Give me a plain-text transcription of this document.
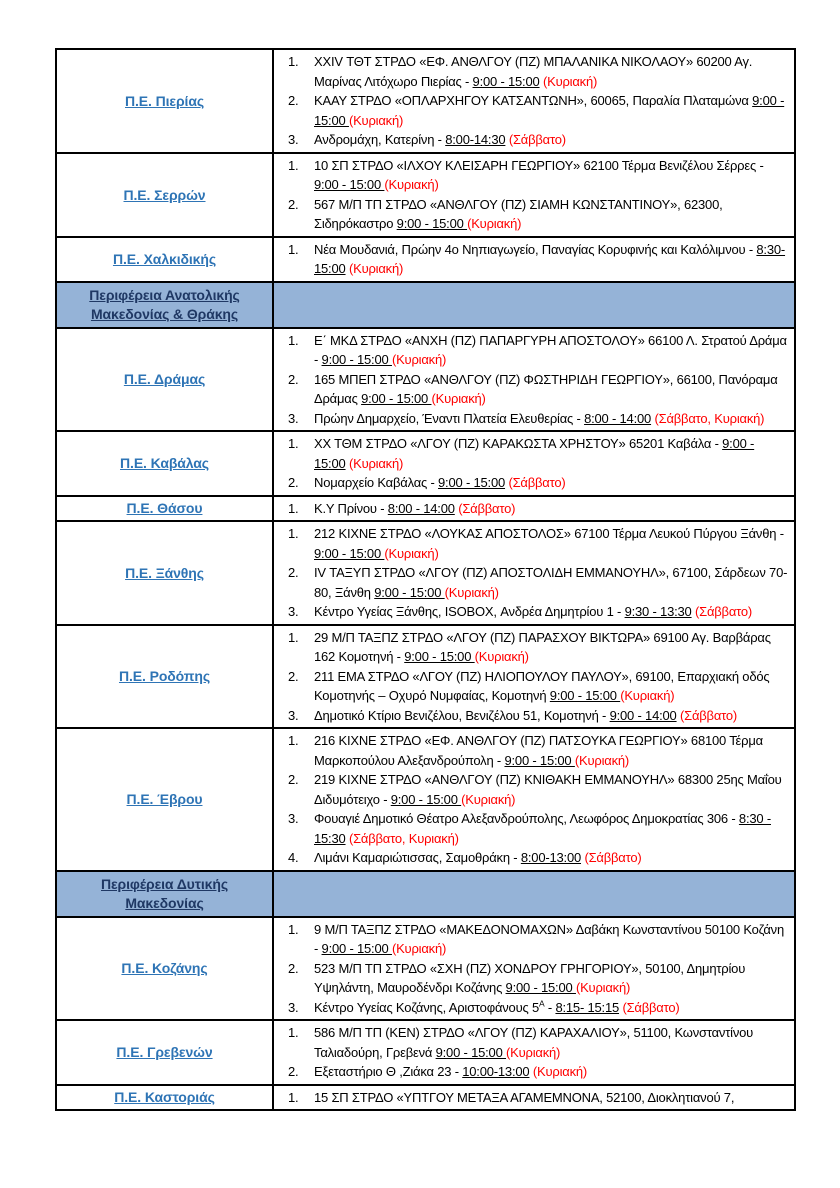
Π.Ε. Πιερίας

1.	XXIV ΤΘΤ ΣΤΡΔΟ «ΕΦ. ΑΝΘΛΓΟΥ (ΠΖ) ΜΠΑΛΑΝΙΚΑ ΝΙΚΟΛΑΟΥ» 60200 Αγ. Μαρίνας Λιτόχωρο Πιερίας - 9:00 - 15:00 (Κυριακή)
2.	ΚΑΑΥ ΣΤΡΔΟ «ΟΠΛΑΡΧΗΓΟΥ ΚΑΤΣΑΝΤΩΝΗ», 60065, Παραλία Πλαταμώνα 9:00 - 15:00 (Κυριακή)
3.	Ανδρομάχη, Κατερίνη - 8:00-14:30 (Σάββατο)

Π.Ε. Σερρών	1. 10 ΣΠ ΣΤΡΔΟ «ΙΛΧΟΥ ΚΛΕΙΣΑΡΗ ΓΕΩΡΓΙΟΥ» 62100 Τέρμα Βενιζέλου Σέρρες - 9:00 - 15:00 (Κυριακή)
2. 567 Μ/Π ΤΠ ΣΤΡΔΟ «ΑΝΘΛΓΟΥ (ΠΖ) ΣΙΑΜΗ ΚΩΝΣΤΑΝΤΙΝΟΥ», 62300, Σιδηρόκαστρο 9:00 - 15:00 (Κυριακή)

Π.Ε. Χαλκιδικής	1. Νέα Μουδανιά, Πρώην 4ο Νηπιαγωγείο, Παναγίας Κορυφινής και Καλόλιμνου - 8:30-15:00 (Κυριακή)

Περιφέρεια Ανατολικής Μακεδονίας & Θράκης	

Π.Ε. Δράμας

1.	Ε΄ ΜΚΔ ΣΤΡΔΟ «ΑΝΧΗ (ΠΖ) ΠΑΠΑΡΓΥΡΗ ΑΠΟΣΤΟΛΟΥ» 66100 Λ. Στρατού Δράμα - 9:00 - 15:00 (Κυριακή)
2.	165 ΜΠΕΠ ΣΤΡΔΟ «ΑΝΘΛΓΟΥ (ΠΖ) ΦΩΣΤΗΡΙΔΗ ΓΕΩΡΓΙΟΥ», 66100, Πανόραμα Δράμας 9:00 - 15:00 (Κυριακή)
3.	Πρώην Δημαρχείο, Έναντι Πλατεία Ελευθερίας - 8:00 - 14:00 (Σάββατο, Κυριακή)

Π.Ε. Καβάλας	1. ΧΧ ΤΘΜ ΣΤΡΔΟ «ΛΓΟΥ (ΠΖ) ΚΑΡΑΚΩΣΤΑ ΧΡΗΣΤΟΥ» 65201 Καβάλα - 9:00 - 15:00 (Κυριακή)
2. Νομαρχείο Καβάλας - 9:00 - 15:00 (Σάββατο)

Π.Ε. Θάσου	1. Κ.Υ Πρίνου - 8:00 - 14:00 (Σάββατο)

Π.Ε. Ξάνθης

1.	212 ΚΙΧΝΕ ΣΤΡΔΟ «ΛΟΥΚΑΣ ΑΠΟΣΤΟΛΟΣ» 67100 Τέρμα Λευκού Πύργου Ξάνθη - 9:00 - 15:00 (Κυριακή)
2.	IV ΤΑΞΥΠ ΣΤΡΔΟ «ΛΓΟΥ (ΠΖ) ΑΠΟΣΤΟΛΙΔΗ ΕΜΜΑΝΟΥΗΛ», 67100, Σάρδεων 70-80, Ξάνθη 9:00 - 15:00 (Κυριακή)
3.	Κέντρο Υγείας Ξάνθης, ISOBOX, Ανδρέα Δημητρίου 1 - 9:30 - 13:30 (Σάββατο)

Π.Ε. Ροδόπης

1.	29 Μ/Π ΤΑΞΠΖ ΣΤΡΔΟ «ΛΓΟΥ (ΠΖ) ΠΑΡΑΣΧΟΥ ΒΙΚΤΩΡΑ» 69100 Αγ. Βαρβάρας 162 Κομοτηνή - 9:00 - 15:00 (Κυριακή)
2.	211 ΕΜΑ ΣΤΡΔΟ «ΛΓΟΥ (ΠΖ) ΗΛΙΟΠΟΥΛΟΥ ΠΑΥΛΟΥ», 69100, Επαρχιακή οδός Κομοτηνής – Οχυρό Νυμφαίας, Κομοτηνή 9:00 - 15:00 (Κυριακή)
3.	Δημοτικό Κτίριο Βενιζέλου, Βενιζέλου 51, Κομοτηνή - 9:00 - 14:00 (Σάββατο)

Π.Ε. Έβρου

1.	216 ΚΙΧΝΕ ΣΤΡΔΟ «ΕΦ. ΑΝΘΛΓΟΥ (ΠΖ) ΠΑΤΣΟΥΚΑ ΓΕΩΡΓΙΟΥ» 68100 Τέρμα Μαρκοπούλου Αλεξανδρούπολη - 9:00 - 15:00 (Κυριακή)
2.	219 ΚΙΧΝΕ ΣΤΡΔΟ «ΑΝΘΛΓΟΥ (ΠΖ) ΚΝΙΘΑΚΗ ΕΜΜΑΝΟΥΗΛ» 68300 25ης Μαΐου Διδυμότειχο - 9:00 - 15:00 (Κυριακή)
3.	Φουαγιέ Δημοτικό Θέατρο Αλεξανδρούπολης, Λεωφόρος Δημοκρατίας 306 - 8:30 - 15:30 (Σάββατο, Κυριακή)
4.	Λιμάνι Καμαριώτισσας, Σαμοθράκη - 8:00-13:00 (Σάββατο)

Περιφέρεια Δυτικής Μακεδονίας	

Π.Ε. Κοζάνης

1.	9 Μ/Π ΤΑΞΠΖ ΣΤΡΔΟ «ΜΑΚΕΔΟΝΟΜΑΧΩΝ» Δαβάκη Κωνσταντίνου 50100 Κοζάνη - 9:00 - 15:00 (Κυριακή)
2.	523 Μ/Π ΤΠ ΣΤΡΔΟ «ΣΧΗ (ΠΖ) ΧΟΝΔΡΟΥ ΓΡΗΓΟΡΙΟΥ», 50100, Δημητρίου Υψηλάντη, Μαυροδένδρι Κοζάνης 9:00 - 15:00 (Κυριακή)
3.	Κέντρο Υγείας Κοζάνης, Αριστοφάνους $5^A$ - 8:15- 15:15 (Σάββατο)

Π.Ε. Γρεβενών	1. 586 Μ/Π ΤΠ (ΚΕΝ) ΣΤΡΔΟ «ΛΓΟΥ (ΠΖ) ΚΑΡΑΧΑΛΙΟΥ», 51100, Κωνσταντίνου Ταλιαδούρη, Γρεβενά 9:00 - 15:00 (Κυριακή)
2. Εξεταστήριο Θ ,Ζιάκα 23 - 10:00-13:00 (Κυριακή)

Π.Ε. Καστοριάς	1. 15 ΣΠ ΣΤΡΔΟ «ΥΠΤΓΟΥ ΜΕΤΑΞΑ ΑΓΑΜΕΜΝΟΝΑ, 52100, Διοκλητιανού 7,
